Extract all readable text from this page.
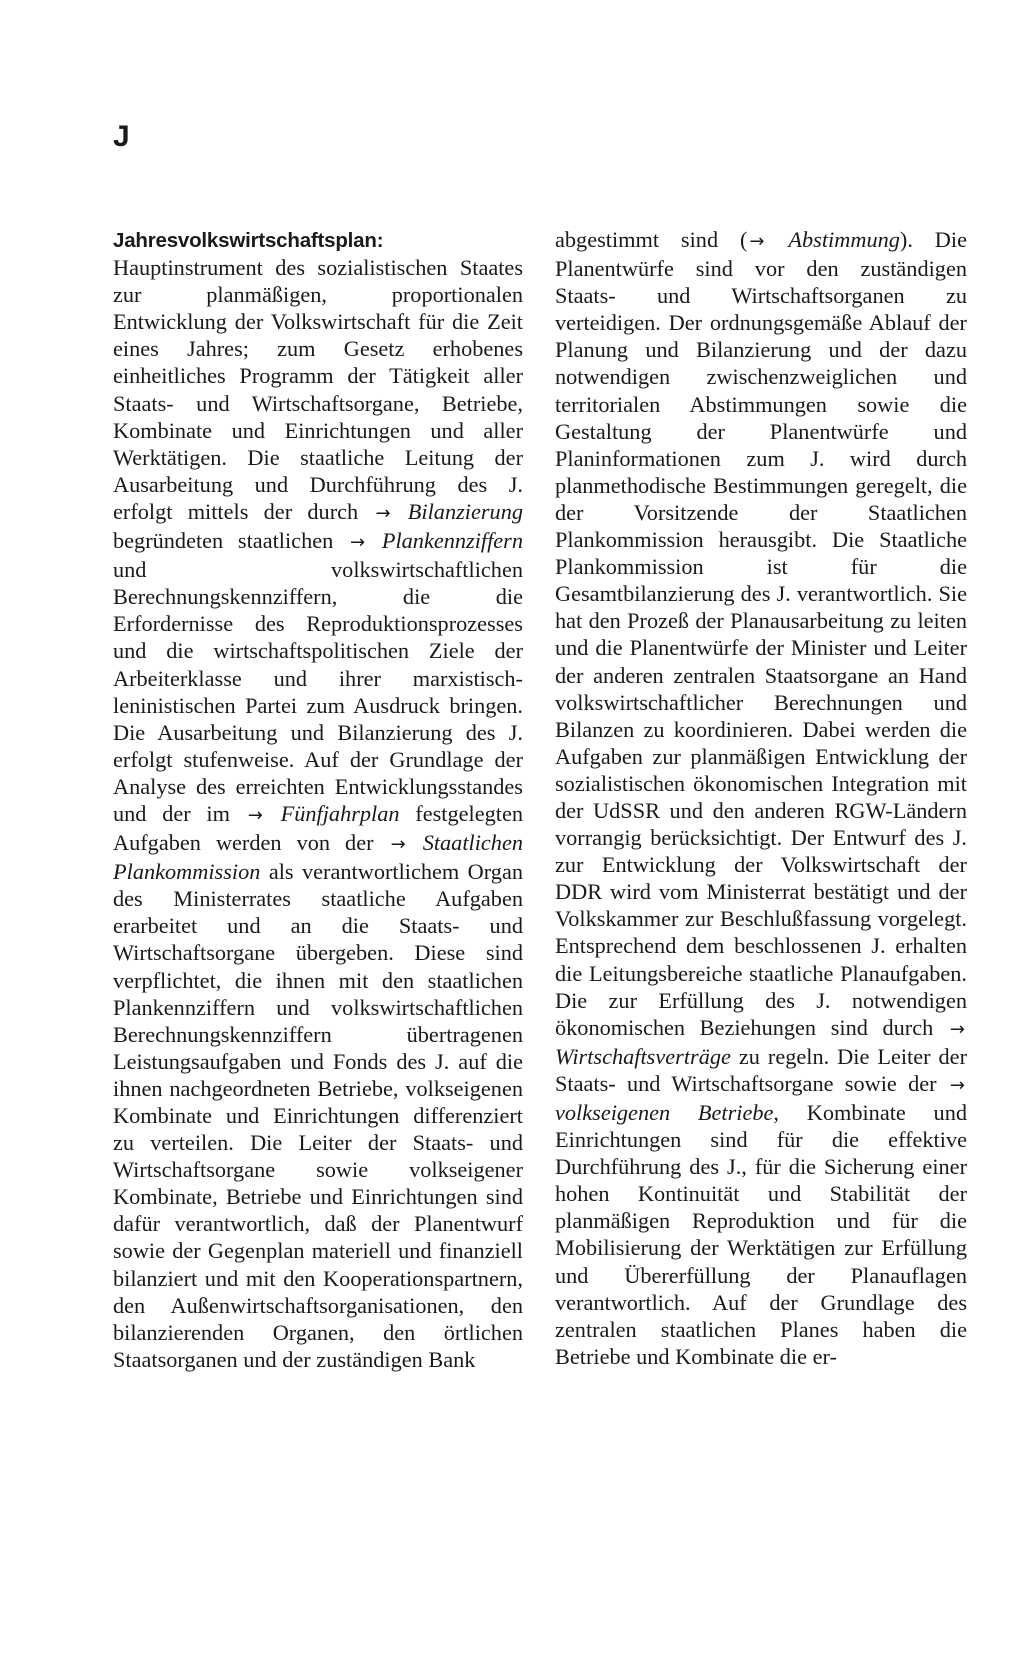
J

Jahresvolkswirtschaftsplan: Hauptinstrument des sozialistischen Staates zur planmäßigen, proportionalen Entwicklung der Volkswirtschaft für die Zeit eines Jahres; zum Gesetz erhobenes einheitliches Programm der Tätigkeit aller Staats- und Wirtschaftsorgane, Betriebe, Kombinate und Einrichtungen und aller Werktätigen. Die staatliche Leitung der Ausarbeitung und Durchführung des J. erfolgt mittels der durch → Bilanzierung begründeten staatlichen → Plankennziffern und volkswirtschaftlichen Berechnungskennziffern, die die Erfordernisse des Reproduktionsprozesses und die wirtschaftspolitischen Ziele der Arbeiterklasse und ihrer marxistisch-leninistischen Partei zum Ausdruck bringen. Die Ausarbeitung und Bilanzierung des J. erfolgt stufenweise. Auf der Grundlage der Analyse des erreichten Entwicklungsstandes und der im → Fünfjahrplan festgelegten Aufgaben werden von der → Staatlichen Plankommission als verantwortlichem Organ des Ministerrates staatliche Aufgaben erarbeitet und an die Staats- und Wirtschaftsorgane übergeben. Diese sind verpflichtet, die ihnen mit den staatlichen Plankennziffern und volkswirtschaftlichen Berechnungskennziffern übertragenen Leistungsaufgaben und Fonds des J. auf die ihnen nachgeordneten Betriebe, volkseigenen Kombinate und Einrichtungen differenziert zu verteilen. Die Leiter der Staats- und Wirtschaftsorgane sowie volkseigener Kombinate, Betriebe und Einrichtungen sind dafür verantwortlich, daß der Planentwurf sowie der Gegenplan materiell und finanziell bilanziert und mit den Kooperationspartnern, den Außenwirtschaftsorganisationen, den bilanzierenden Organen, den örtlichen Staatsorganen und der zuständigen Bank

abgestimmt sind ( → Abstimmung). Die Planentwürfe sind vor den zuständigen Staats- und Wirtschaftsorganen zu verteidigen. Der ordnungsgemäße Ablauf der Planung und Bilanzierung und der dazu notwendigen zwischenzweiglichen und territorialen Abstimmungen sowie die Gestaltung der Planentwürfe und Planinformationen zum J. wird durch planmethodische Bestimmungen geregelt, die der Vorsitzende der Staatlichen Plankommission herausgibt. Die Staatliche Plankommission ist für die Gesamtbilanzierung des J. verantwortlich. Sie hat den Prozeß der Planausarbeitung zu leiten und die Planentwürfe der Minister und Leiter der anderen zentralen Staatsorgane an Hand volkswirtschaftlicher Berechnungen und Bilanzen zu koordinieren. Dabei werden die Aufgaben zur planmäßigen Entwicklung der sozialistischen ökonomischen Integration mit der UdSSR und den anderen RGW-Ländern vorrangig berücksichtigt. Der Entwurf des J. zur Entwicklung der Volkswirtschaft der DDR wird vom Ministerrat bestätigt und der Volkskammer zur Beschlußfassung vorgelegt. Entsprechend dem beschlossenen J. erhalten die Leitungsbereiche staatliche Planaufgaben. Die zur Erfüllung des J. notwendigen ökonomischen Beziehungen sind durch → Wirtschaftsverträge zu regeln. Die Leiter der Staats- und Wirtschaftsorgane sowie der → volkseigenen Betriebe, Kombinate und Einrichtungen sind für die effektive Durchführung des J., für die Sicherung einer hohen Kontinuität und Stabilität der planmäßigen Reproduktion und für die Mobilisierung der Werktätigen zur Erfüllung und Übererfüllung der Planauflagen verantwortlich. Auf der Grundlage des zentralen staatlichen Planes haben die Betriebe und Kombinate die er-
